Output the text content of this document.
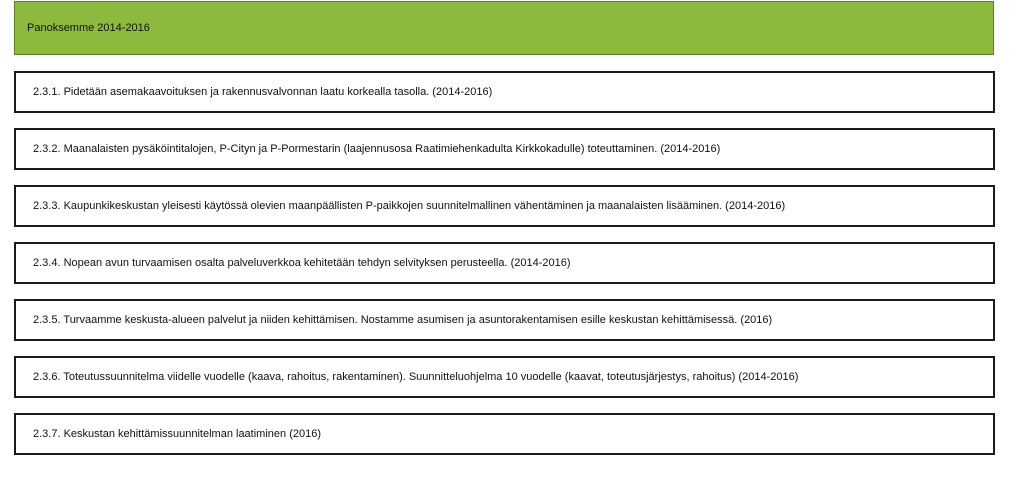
Panoksemme 2014-2016
2.3.1. Pidetään asemakaavoituksen ja rakennusvalvonnan laatu korkealla tasolla. (2014-2016)
2.3.2. Maanalaisten pysäköintitalojen, P-Cityn ja P-Pormestarin (laajennusosa Raatimiehenkadulta Kirkkokadulle) toteuttaminen. (2014-2016)
2.3.3. Kaupunkikeskustan yleisesti käytössä olevien maanpäällisten P-paikkojen suunnitelmallinen vähentäminen ja maanalaisten lisääminen. (2014-2016)
2.3.4. Nopean avun turvaamisen osalta palveluverkkoa kehitetään tehdyn selvityksen perusteella. (2014-2016)
2.3.5. Turvaamme keskusta-alueen palvelut ja niiden kehittämisen. Nostamme asumisen ja asuntorakentamisen esille keskustan kehittämisessä. (2016)
2.3.6. Toteutussuunnitelma viidelle vuodelle (kaava, rahoitus, rakentaminen). Suunnitteluohjelma 10 vuodelle (kaavat, toteutusjärjestys, rahoitus) (2014-2016)
2.3.7. Keskustan kehittämissuunnitelman laatiminen (2016)
